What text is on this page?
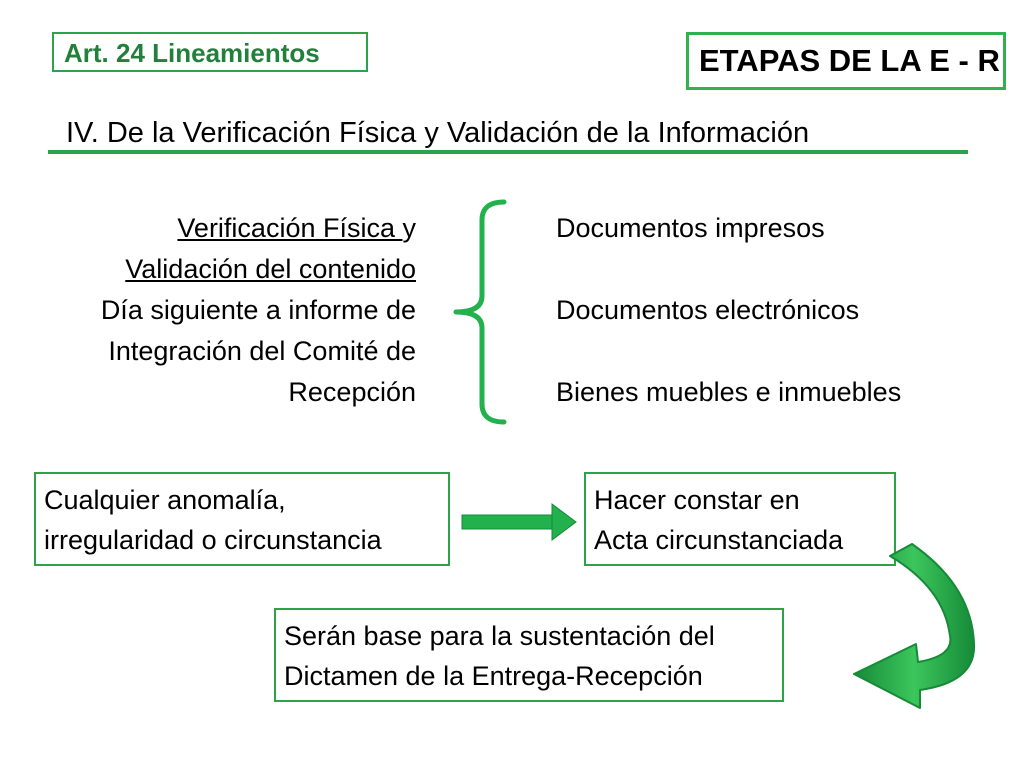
Art. 24 Lineamientos	ETAPAS DE LA E - R
IV. De la Verificación Física y Validación de la Información
Verificación Física y
Validación del contenido
Día siguiente a informe de
Integración del Comité de
Recepción
Documentos impresos
Documentos electrónicos
Bienes muebles e inmuebles
Cualquier anomalía,
irregularidad o circunstancia
Hacer constar en
Acta circunstanciada
Serán base para la sustentación del
Dictamen de la Entrega-Recepción
